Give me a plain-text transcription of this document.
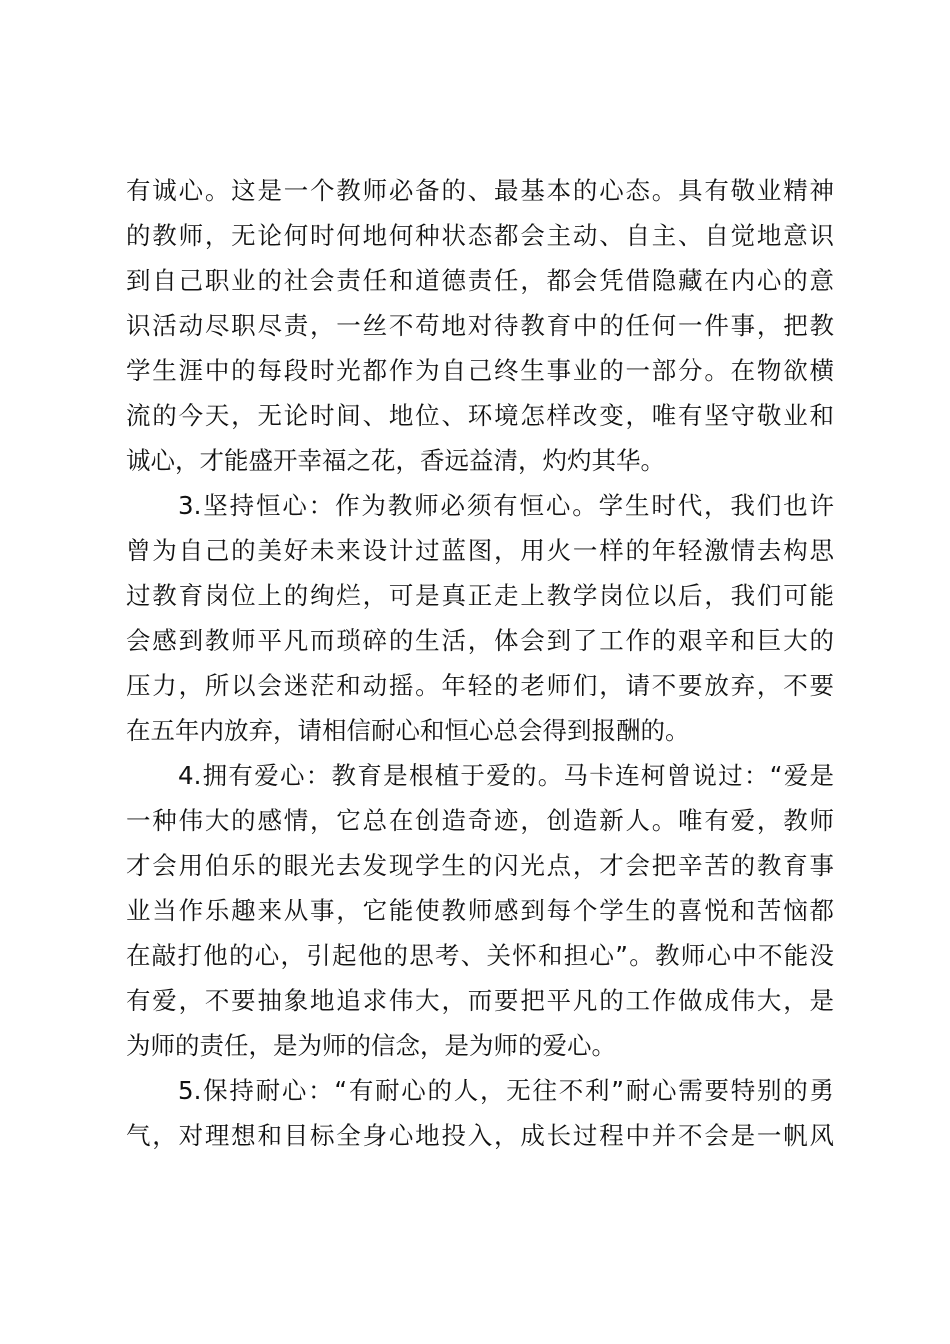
有诚心。这是一个教师必备的、最基本的心态。具有敬业精神
的教师，无论何时何地何种状态都会主动、自主、自觉地意识
到自己职业的社会责任和道德责任，都会凭借隐藏在内心的意
识活动尽职尽责，一丝不苟地对待教育中的任何一件事，把教
学生涯中的每段时光都作为自己终生事业的一部分。在物欲横
流的今天，无论时间、地位、环境怎样改变，唯有坚守敬业和
诚心，才能盛开幸福之花，香远益清，灼灼其华。
3.坚持恒心：作为教师必须有恒心。学生时代，我们也许
曾为自己的美好未来设计过蓝图，用火一样的年轻激情去构思
过教育岗位上的绚烂，可是真正走上教学岗位以后，我们可能
会感到教师平凡而琐碎的生活，体会到了工作的艰辛和巨大的
压力，所以会迷茫和动摇。年轻的老师们，请不要放弃，不要
在五年内放弃，请相信耐心和恒心总会得到报酬的。
4.拥有爱心：教育是根植于爱的。马卡连柯曾说过：“爱是
一种伟大的感情，它总在创造奇迹，创造新人。唯有爱，教师
才会用伯乐的眼光去发现学生的闪光点，才会把辛苦的教育事
业当作乐趣来从事，它能使教师感到每个学生的喜悦和苦恼都
在敲打他的心，引起他的思考、关怀和担心”。教师心中不能没
有爱，不要抽象地追求伟大，而要把平凡的工作做成伟大，是
为师的责任，是为师的信念，是为师的爱心。
5.保持耐心：“有耐心的人，无往不利”耐心需要特别的勇
气，对理想和目标全身心地投入，成长过程中并不会是一帆风
